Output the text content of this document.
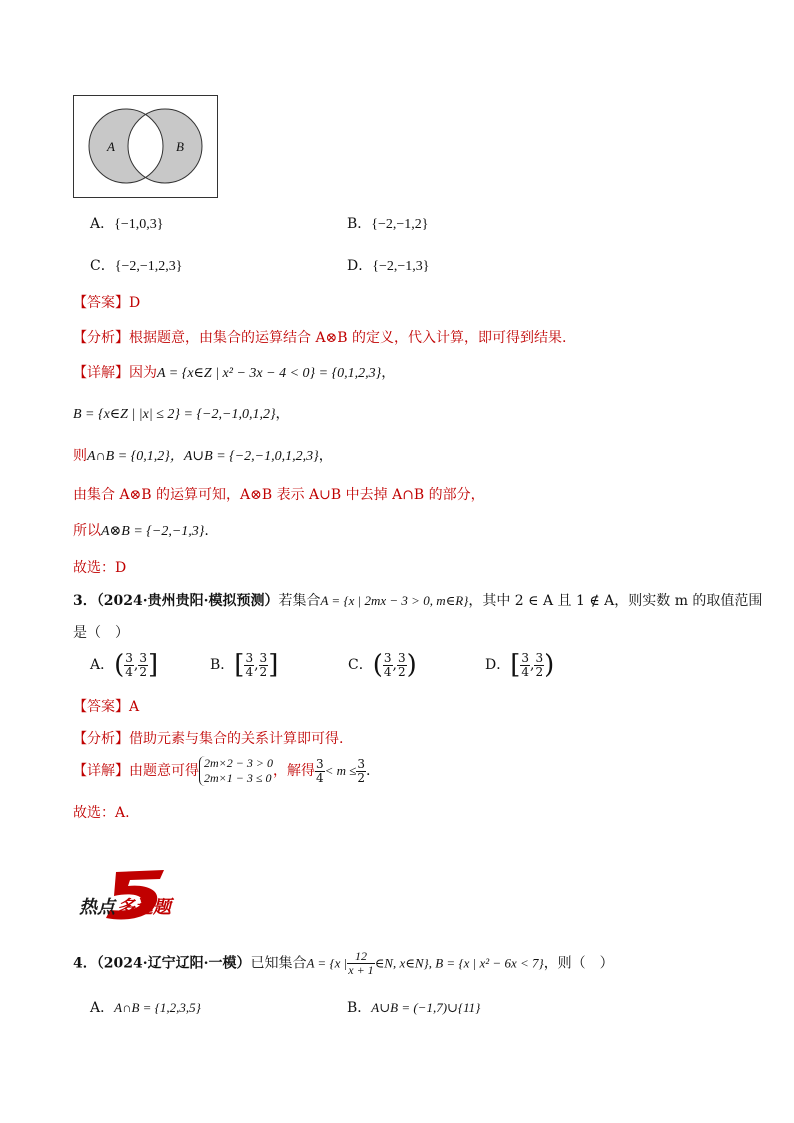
A	B
A．{−1,0,3}	B．{−2,−1,2}
C．{−2,−1,2,3}	D．{−2,−1,3}
【答案】D
【分析】根据题意，由集合的运算结合 A⊗B 的定义，代入计算，即可得到结果.
【详解】因为A = {x∈Z | x² − 3x − 4 < 0} = {0,1,2,3}，
B = {x∈Z | |x| ≤ 2} = {−2,−1,0,1,2}，
则A∩B = {0,1,2}，A∪B = {−2,−1,0,1,2,3}，
由集合 A⊗B 的运算可知，A⊗B 表示 A∪B 中去掉 A∩B 的部分，
所以A⊗B = {−2,−1,3}.
故选：D
3．（2024·贵州贵阳·模拟预测）若集合A = {x | 2mx − 3 > 0, m∈R}，其中 2 ∈ A 且 1 ∉ A，则实数 m 的取值范围
是（　）
A．( $\frac{3}{4}$ , $\frac{3}{2}$ ]	B．[ $\frac{3}{4}$ , $\frac{3}{2}$ ]	C．( $\frac{3}{4}$ , $\frac{3}{2}$ )	D．[ $\frac{3}{4}$ , $\frac{3}{2}$ )
【答案】A
【分析】借助元素与集合的关系计算即可得.
【详解】由题意可得 2m×2 − 3 > 0
2m×1 − 3 ≤ 0 ，解得 $\frac{3}{4} < m \le \frac{3}{2}$ .
故选：A.
热点 多选题
4．（2024·辽宁辽阳·一模）已知集合A = {x | $\frac{12}{x + 1}$ ∈N, x∈N}, B = {x | x² − 6x < 7}，则（　）
A．A∩B = {1,2,3,5}	B．A∪B = (−1,7)∪{11}
